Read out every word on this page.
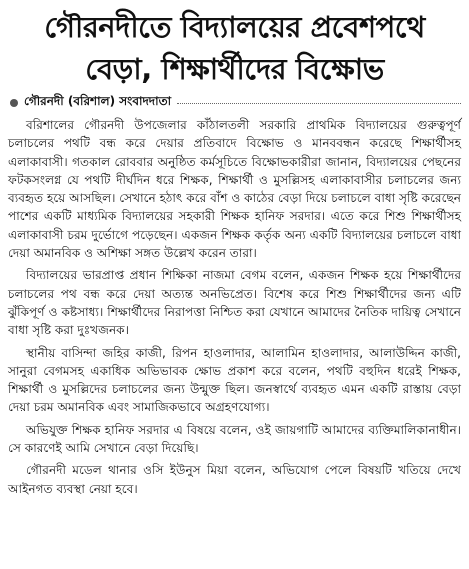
গৌরনদীতে বিদ্যালয়ের প্রবেশপথে
বেড়া, শিক্ষার্থীদের বিক্ষোভ
গৌরনদী (বরিশাল) সংবাদদাতা

বরিশালের গৌরনদী উপজেলার কাঁঠালতলী সরকারি প্রাথমিক বিদ্যালয়ের গুরুত্বপূর্ণ চলাচলের পথটি বন্ধ করে দেয়ার প্রতিবাদে বিক্ষোভ ও মানববন্ধন করেছে শিক্ষার্থীসহ এলাকাবাসী। গতকাল রোববার অনুষ্ঠিত কর্মসূচিতে বিক্ষোভকারীরা জানান, বিদ্যালয়ের পেছনের ফটকসংলগ্ন যে পথটি দীর্ঘদিন ধরে শিক্ষক, শিক্ষার্থী ও মুসল্লিসহ এলাকাবাসীর চলাচলের জন্য ব্যবহৃত হয়ে আসছিল। সেখানে হঠাৎ করে বাঁশ ও কাঠের বেড়া দিয়ে চলাচলে বাধা সৃষ্টি করেছেন পাশের একটি মাধ্যমিক বিদ্যালয়ের সহকারী শিক্ষক হানিফ সরদার। এতে করে শিশু শিক্ষার্থীসহ এলাকাবাসী চরম দুর্ভোগে পড়েছেন। একজন শিক্ষক কর্তৃক অন্য একটি বিদ্যালয়ের চলাচলে বাধা দেয়া অমানবিক ও অশিক্ষা সঙ্গত উল্লেখ করেন তারা।

বিদ্যালয়ের ভারপ্রাপ্ত প্রধান শিক্ষিকা নাজমা বেগম বলেন, একজন শিক্ষক হয়ে শিক্ষার্থীদের চলাচলের পথ বন্ধ করে দেয়া অত্যন্ত অনভিপ্রেত। বিশেষ করে শিশু শিক্ষার্থীদের জন্য এটি ঝুঁকিপূর্ণ ও কষ্টসাধ্য। শিক্ষার্থীদের নিরাপত্তা নিশ্চিত করা যেখানে আমাদের নৈতিক দায়িত্ব সেখানে বাধা সৃষ্টি করা দুঃখজনক।

স্থানীয় বাসিন্দা জহির কাজী, রিপন হাওলাদার, আলামিন হাওলাদার, আলাউদ্দিন কাজী, সানুরা বেগমসহ একাধিক অভিভাবক ক্ষোভ প্রকাশ করে বলেন, পথটি বহুদিন ধরেই শিক্ষক, শিক্ষার্থী ও মুসল্লিদের চলাচলের জন্য উন্মুক্ত ছিল। জনস্বার্থে ব্যবহৃত এমন একটি রাস্তায় বেড়া দেয়া চরম অমানবিক এবং সামাজিকভাবে অগ্রহণযোগ্য।

অভিযুক্ত শিক্ষক হানিফ সরদার এ বিষয়ে বলেন, ওই জায়গাটি আমাদের ব্যক্তিমালিকানাধীন। সে কারণেই আমি সেখানে বেড়া দিয়েছি।

গৌরনদী মডেল থানার ওসি ইউনুস মিয়া বলেন, অভিযোগ পেলে বিষয়টি খতিয়ে দেখে আইনগত ব্যবস্থা নেয়া হবে।
